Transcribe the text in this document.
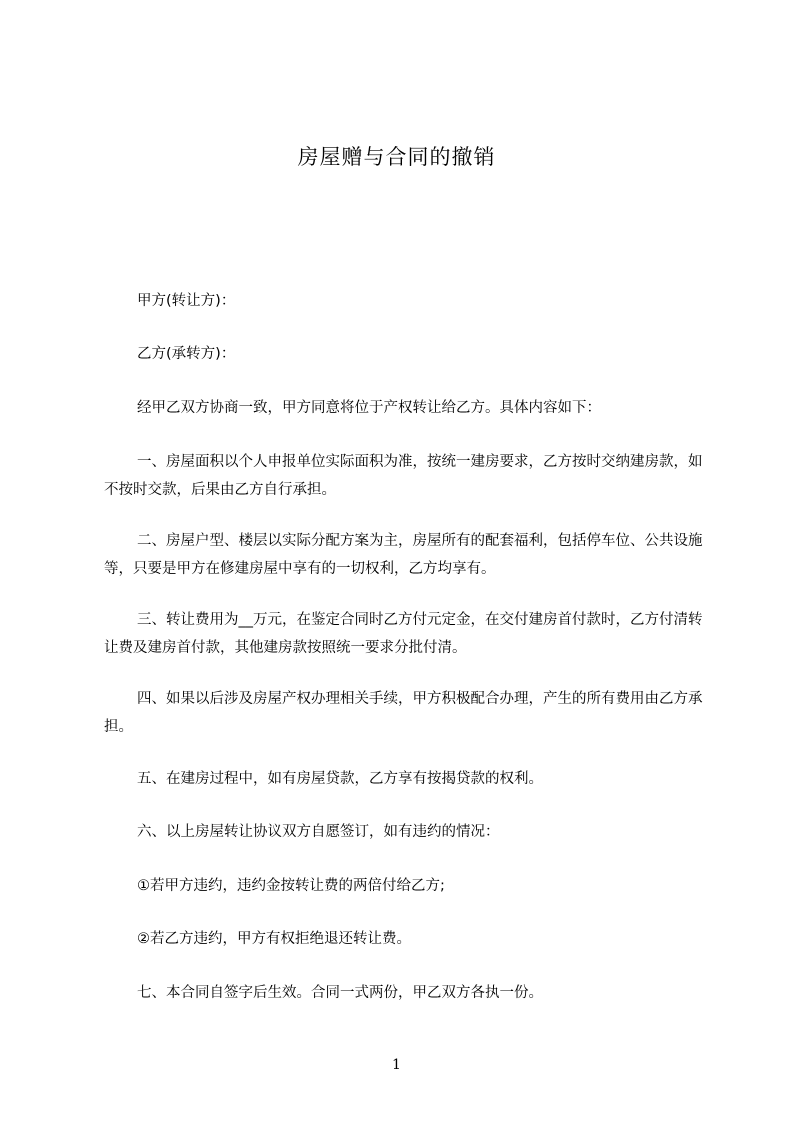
房屋赠与合同的撤销
甲方(转让方)：
乙方(承转方)：
经甲乙双方协商一致，甲方同意将位于产权转让给乙方。具体内容如下：
一、房屋面积以个人申报单位实际面积为准，按统一建房要求，乙方按时交纳建房款，如不按时交款，后果由乙方自行承担。
二、房屋户型、楼层以实际分配方案为主，房屋所有的配套福利，包括停车位、公共设施等，只要是甲方在修建房屋中享有的一切权利，乙方均享有。
三、转让费用为__万元，在鉴定合同时乙方付元定金，在交付建房首付款时，乙方付清转让费及建房首付款，其他建房款按照统一要求分批付清。
四、如果以后涉及房屋产权办理相关手续，甲方积极配合办理，产生的所有费用由乙方承担。
五、在建房过程中，如有房屋贷款，乙方享有按揭贷款的权利。
六、以上房屋转让协议双方自愿签订，如有违约的情况：
①若甲方违约，违约金按转让费的两倍付给乙方;
②若乙方违约，甲方有权拒绝退还转让费。
七、本合同自签字后生效。合同一式两份，甲乙双方各执一份。
1
